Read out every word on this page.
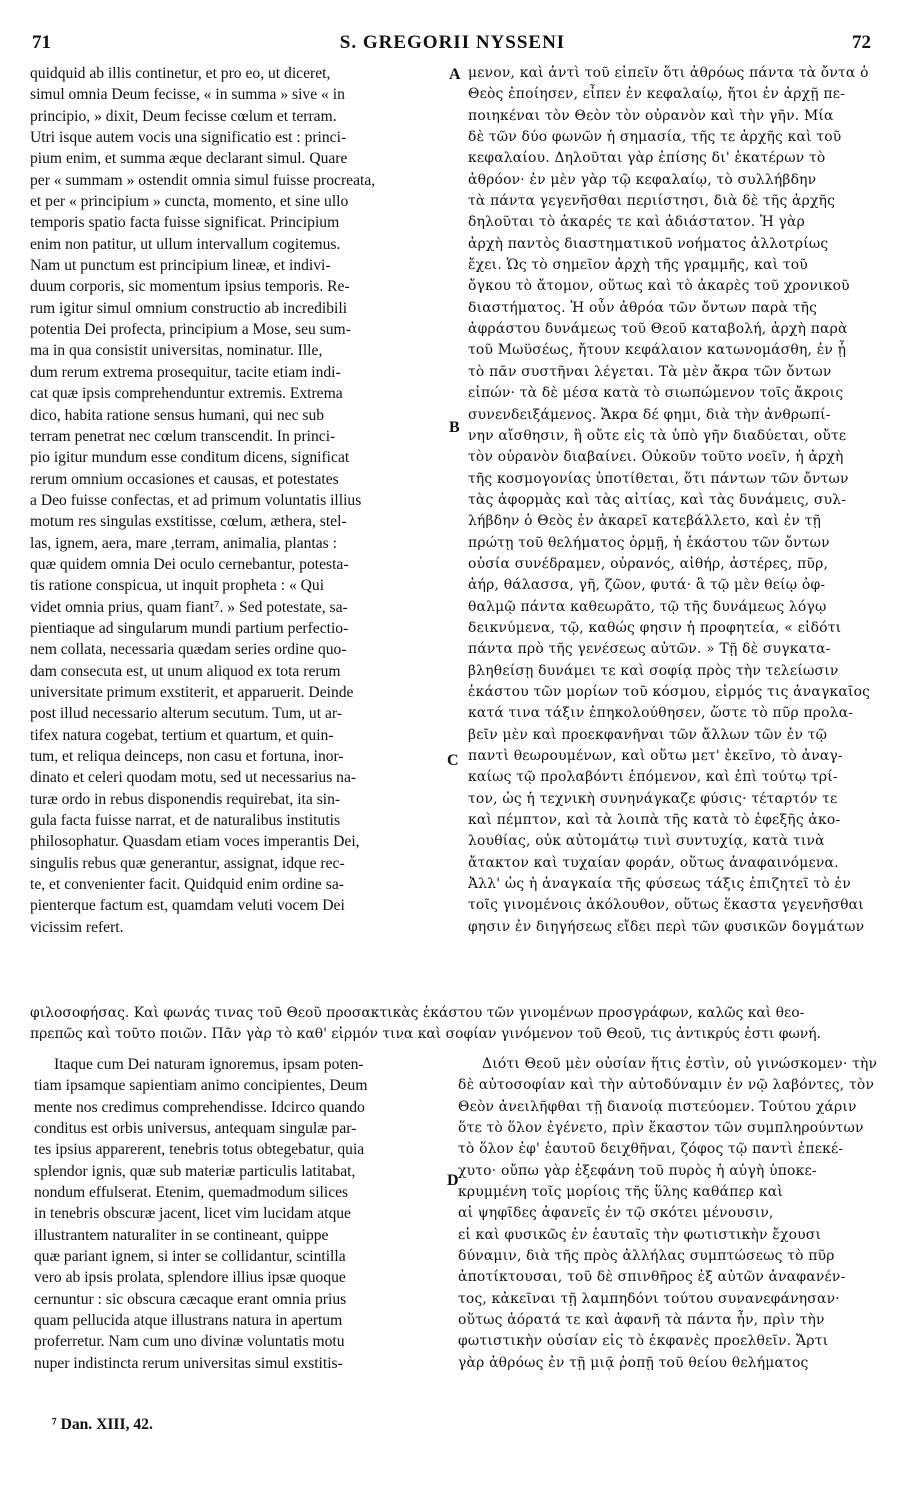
S. GREGORII NYSSENI
71	72
A
B
C
D
quidquid ab illis continetur, et pro eo, ut diceret,
simul omnia Deum fecisse, « in summa » sive « in
principio, » dixit, Deum fecisse cœlum et terram.
Utri isque autem vocis una significatio est : princi-
pium enim, et summa æque declarant simul. Quare
per « summam » ostendit omnia simul fuisse procreata,
et per « principium » cuncta, momento, et sine ullo
temporis spatio facta fuisse significat. Principium
enim non patitur, ut ullum intervallum cogitemus.
Nam ut punctum est principium lineæ, et indivi-
duum corporis, sic momentum ipsius temporis. Re-
rum igitur simul omnium constructio ab incredibili
potentia Dei profecta, principium a Mose, seu sum-
ma in qua consistit universitas, nominatur. Ille,
dum rerum extrema prosequitur, tacite etiam indi-
cat quæ ipsis comprehenduntur extremis. Extrema
dico, habita ratione sensus humani, qui nec sub
terram penetrat nec cœlum transcendit. In princi-
pio igitur mundum esse conditum dicens, significat
rerum omnium occasiones et causas, et potestates
a Deo fuisse confectas, et ad primum voluntatis illius
motum res singulas exstitisse, cœlum, æthera, stel-
las, ignem, aera, mare ,terram, animalia, plantas :
quæ quidem omnia Dei oculo cernebantur, potesta-
tis ratione conspicua, ut inquit propheta : « Qui
videt omnia prius, quam fiant⁷. » Sed potestate, sa-
pientiaque ad singularum mundi partium perfectio-
nem collata, necessaria quædam series ordine quo-
dam consecuta est, ut unum aliquod ex tota rerum
universitate primum exstiterit, et apparuerit. Deinde
post illud necessario alterum secutum. Tum, ut ar-
tifex natura cogebat, tertium et quartum, et quin-
tum, et reliqua deinceps, non casu et fortuna, inor-
dinato et celeri quodam motu, sed ut necessarius na-
turæ ordo in rebus disponendis requirebat, ita sin-
gula facta fuisse narrat, et de naturalibus institutis
philosophatur. Quasdam etiam voces imperantis Dei,
singulis rebus quæ generantur, assignat, idque rec-
te, et convenienter facit. Quidquid enim ordine sa-
pienterque factum est, quamdam veluti vocem Dei
vicissim refert.
μενον, καὶ ἀντὶ τοῦ εἰπεῖν ὅτι ἀθρόως πάντα τὰ ὄντα ὁ
Θεὸς ἐποίησεν, εἶπεν ἐν κεφαλαίῳ, ἤτοι ἐν ἀρχῇ πε-
ποιηκέναι τὸν Θεὸν τὸν οὐρανὸν καὶ τὴν γῆν. Μία
δὲ τῶν δύο φωνῶν ἡ σημασία, τῆς τε ἀρχῆς καὶ τοῦ
κεφαλαίου. Δηλοῦται γὰρ ἐπίσης δι' ἑκατέρων τὸ
ἀθρόον· ἐν μὲν γὰρ τῷ κεφαλαίῳ, τὸ συλλήβδην
τὰ πάντα γεγενῆσθαι περιίστησι, διὰ δὲ τῆς ἀρχῆς
δηλοῦται τὸ ἀκαρές τε καὶ ἀδιάστατον. Ἡ γὰρ
ἀρχὴ παντὸς διαστηματικοῦ νοήματος ἀλλοτρίως
ἔχει. Ὡς τὸ σημεῖον ἀρχὴ τῆς γραμμῆς, καὶ τοῦ
ὄγκου τὸ ἄτομον, οὕτως καὶ τὸ ἀκαρὲς τοῦ χρονικοῦ
διαστήματος. Ἡ οὖν ἀθρόα τῶν ὄντων παρὰ τῆς
ἀφράστου δυνάμεως τοῦ Θεοῦ καταβολή, ἀρχὴ παρὰ
τοῦ Μωϋσέως, ἤτουν κεφάλαιον κατωνομάσθη, ἐν ᾗ
τὸ πᾶν συστῆναι λέγεται. Τὰ μὲν ἄκρα τῶν ὄντων
εἰπών· τὰ δὲ μέσα κατὰ τὸ σιωπώμενον τοῖς ἄκροις
συνενδειξάμενος. Ἄκρα δέ φημι, διὰ τὴν ἀνθρωπί-
νην αἴσθησιν, ἢ οὔτε εἰς τὰ ὑπὸ γῆν διαδύεται, οὔτε
τὸν οὐρανὸν διαβαίνει. Οὐκοῦν τοῦτο νοεῖν, ἡ ἀρχὴ
τῆς κοσμογονίας ὑποτίθεται, ὅτι πάντων τῶν ὄντων
τὰς ἀφορμὰς καὶ τὰς αἰτίας, καὶ τὰς δυνάμεις, συλ-
λήβδην ὁ Θεὸς ἐν ἀκαρεῖ κατεβάλλετο, καὶ ἐν τῇ
πρώτῃ τοῦ θελήματος ὁρμῇ, ἡ ἑκάστου τῶν ὄντων
οὐσία συνέδραμεν, οὐρανός, αἰθήρ, ἀστέρες, πῦρ,
ἀήρ, θάλασσα, γῆ, ζῶον, φυτά· ἃ τῷ μὲν θείῳ ὀφ-
θαλμῷ πάντα καθεωρᾶτο, τῷ τῆς δυνάμεως λόγῳ
δεικνύμενα, τῷ, καθώς φησιν ἡ προφητεία, « εἰδότι
πάντα πρὸ τῆς γενέσεως αὐτῶν. » Τῇ δὲ συγκατα-
βληθείσῃ δυνάμει τε καὶ σοφίᾳ πρὸς τὴν τελείωσιν
ἑκάστου τῶν μορίων τοῦ κόσμου, εἱρμός τις ἀναγκαῖος
κατά τινα τάξιν ἐπηκολούθησεν, ὥστε τὸ πῦρ προλα-
βεῖν μὲν καὶ προεκφανῆναι τῶν ἄλλων τῶν ἐν τῷ
παντὶ θεωρουμένων, καὶ οὕτω μετ' ἐκεῖνο, τὸ ἀναγ-
καίως τῷ προλαβόντι ἑπόμενον, καὶ ἐπὶ τούτῳ τρί-
τον, ὡς ἡ τεχνικὴ συνηνάγκαζε φύσις· τέταρτόν τε
καὶ πέμπτον, καὶ τὰ λοιπὰ τῆς κατὰ τὸ ἐφεξῆς ἀκο-
λουθίας, οὐκ αὐτομάτῳ τινὶ συντυχίᾳ, κατὰ τινὰ
ἄτακτον καὶ τυχαίαν φοράν, οὕτως ἀναφαινόμενα.
Ἀλλ' ὡς ἡ ἀναγκαία τῆς φύσεως τάξις ἐπιζητεῖ τὸ ἐν
τοῖς γινομένοις ἀκόλουθον, οὕτως ἕκαστα γεγενῆσθαι
φησιν ἐν διηγήσεως εἴδει περὶ τῶν φυσικῶν δογμάτων
φιλοσοφήσας. Καὶ φωνάς τινας τοῦ Θεοῦ προσακτικὰς ἑκάστου τῶν γινομένων προσγράφων, καλῶς καὶ θεο-
πρεπῶς καὶ τοῦτο ποιῶν. Πᾶν γὰρ τὸ καθ' εἱρμόν τινα καὶ σοφίαν γινόμενον τοῦ Θεοῦ, τις ἀντικρύς ἐστι φωνή.
Itaque cum Dei naturam ignoremus, ipsam poten-
tiam ipsamque sapientiam animo concipientes, Deum
mente nos credimus comprehendisse. Idcirco quando
conditus est orbis universus, antequam singulæ par-
tes ipsius apparerent, tenebris totus obtegebatur, quia
splendor ignis, quæ sub materiæ particulis latitabat,
nondum effulserat. Etenim, quemadmodum silices
in tenebris obscuræ jacent, licet vim lucidam atque
illustrantem naturaliter in se contineant, quippe
quæ pariant ignem, si inter se collidantur, scintilla
vero ab ipsis prolata, splendore illius ipsæ quoque
cernuntur : sic obscura cæcaque erant omnia prius
quam pellucida atque illustrans natura in apertum
proferretur. Nam cum uno divinæ voluntatis motu
nuper indistincta rerum universitas simul exstitis-
Διότι Θεοῦ μὲν οὐσίαν ἥτις ἐστὶν, οὐ γινώσκομεν· τὴν
δὲ αὐτοσοφίαν καὶ τὴν αὐτοδύναμιν ἐν νῷ λαβόντες, τὸν
Θεὸν ἀνειλῆφθαι τῇ διανοίᾳ πιστεύομεν. Τούτου χάριν
ὅτε τὸ ὅλον ἐγένετο, πρὶν ἕκαστον τῶν συμπληρούντων
τὸ ὅλον ἐφ' ἑαυτοῦ δειχθῆναι, ζόφος τῷ παντὶ ἐπεκέ-
χυτο· οὔπω γὰρ ἐξεφάνη τοῦ πυρὸς ἡ αὐγὴ ὑποκε-
κρυμμένη τοῖς μορίοις τῆς ὕλης καθάπερ καὶ
αἱ ψηφῖδες ἀφανεῖς ἐν τῷ σκότει μένουσιν,
εἰ καὶ φυσικῶς ἐν ἑαυταῖς τὴν φωτιστικὴν ἔχουσι
δύναμιν, διὰ τῆς πρὸς ἀλλήλας συμπτώσεως τὸ πῦρ
ἀποτίκτουσαι, τοῦ δὲ σπινθῆρος ἐξ αὐτῶν ἀναφανέν-
τος, κἀκεῖναι τῇ λαμπηδόνι τούτου συνανεφάνησαν·
οὕτως ἀόρατά τε καὶ ἀφανῆ τὰ πάντα ἦν, πρὶν τὴν
φωτιστικὴν οὐσίαν εἰς τὸ ἐκφανὲς προελθεῖν. Ἄρτι
γὰρ ἀθρόως ἐν τῇ μιᾷ ῥοπῇ τοῦ θείου θελήματος
⁷ Dan. XIII, 42.
